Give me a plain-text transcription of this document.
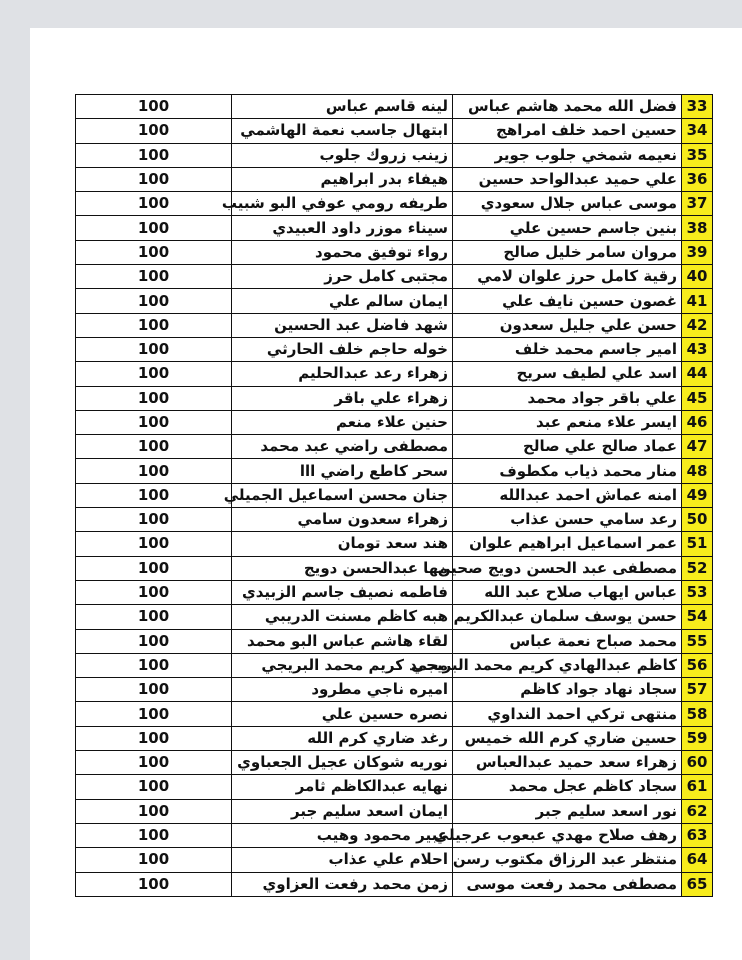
33	فضل الله محمد هاشم عباس	لينه قاسم عباس	100
34	حسين احمد خلف امراهج	ابتهال جاسب نعمة الهاشمي	100
35	نعيمه شمخي جلوب جوير	زينب زروك جلوب	100
36	علي حميد عبدالواحد حسين	هيفاء بدر ابراهيم	100
37	موسى عباس جلال سعودي	طريفه رومي عوفي البو شبيب	100
38	بنين جاسم حسين علي	سيناء موزر داود العبيدي	100
39	مروان سامر خليل صالح	رواء توفيق محمود	100
40	رقية كامل حرز علوان لامي	مجتبى كامل حرز	100
41	غصون حسين نايف علي	ايمان سالم علي	100
42	حسن علي جليل سعدون	شهد فاضل عبد الحسين	100
43	امير جاسم محمد خلف	خوله حاجم خلف الحارثي	100
44	اسد علي لطيف سريح	زهراء رعد عبدالحليم	100
45	علي باقر جواد محمد	زهراء علي باقر	100
46	ايسر علاء منعم عبد	حنين علاء منعم	100
47	عماد صالح علي صالح	مصطفى راضي عبد محمد	100
48	منار محمد ذياب مكطوف	سحر كاطع راضي ااا	100
49	امنه عماش احمد عبدالله	جنان محسن اسماعيل الجميلي	100
50	رعد سامي حسن عذاب	زهراء سعدون سامي	100
51	عمر اسماعيل ابراهيم علوان	هند سعد تومان	100
52	مصطفى عبد الحسن دويج صحين	مها عبدالحسن دويج	100
53	عباس ايهاب صلاح عبد الله	فاطمه نصيف جاسم الزبيدي	100
54	حسن يوسف سلمان عبدالكريم	هبه كاظم مسنت الدريبي	100
55	محمد صباح نعمة عباس	لقاء هاشم عباس البو محمد	100
56	كاظم عبدالهادي كريم محمد البريجي	محمد كريم محمد البريجي	100
57	سجاد نهاد جواد كاظم	اميره ناجي مطرود	100
58	منتهى تركي احمد النداوي	نصره حسين علي	100
59	حسين ضاري كرم الله خميس	رغد ضاري كرم الله	100
60	زهراء سعد حميد عبدالعباس	نوريه شوكان عجيل الجعباوي	100
61	سجاد كاظم عجل محمد	نهايه عبدالكاظم ثامر	100
62	نور اسعد سليم جبر	ايمان اسعد سليم جبر	100
63	رهف صلاح مهدي عبعوب عرجيلي	عبير محمود وهيب	100
64	منتظر عبد الرزاق مكتوب رسن	احلام علي عذاب	100
65	مصطفى محمد رفعت موسى	زمن محمد رفعت العزاوي	100
